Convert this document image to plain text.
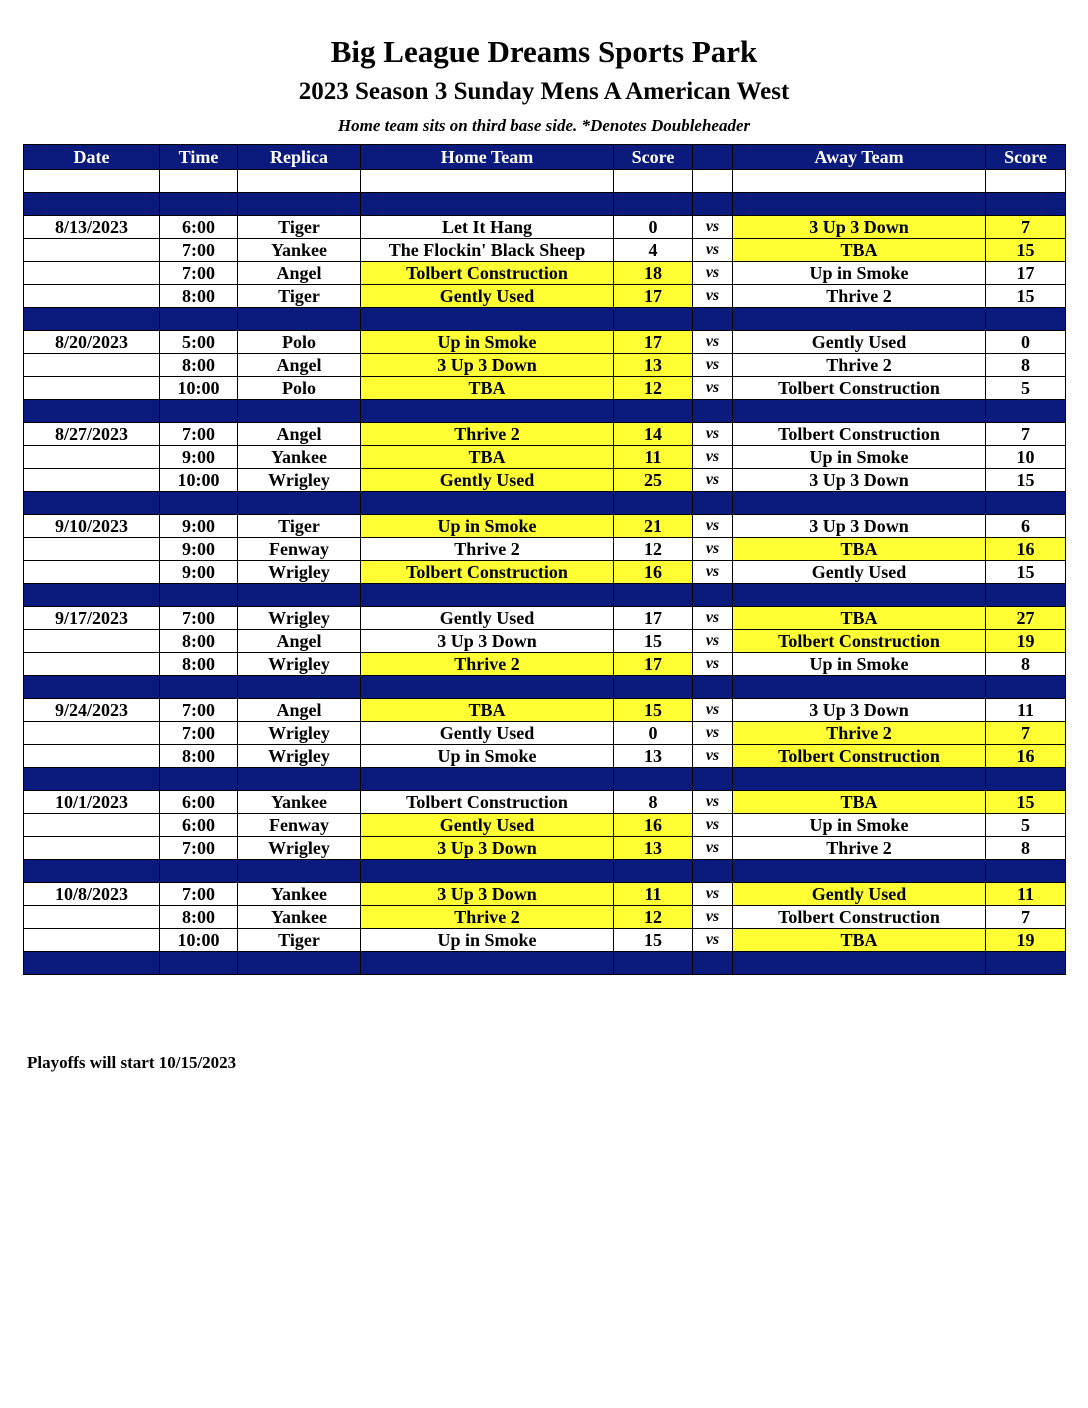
Big League Dreams Sports Park
2023 Season 3 Sunday Mens A American West
Home team sits on third base side. *Denotes Doubleheader
Date	Time	Replica	Home Team	Score		Away Team	Score

8/13/2023	6:00	Tiger	Let It Hang	0	vs	3 Up 3 Down	7
	7:00	Yankee	The Flockin' Black Sheep	4	vs	TBA	15
	7:00	Angel	Tolbert Construction	18	vs	Up in Smoke	17
	8:00	Tiger	Gently Used	17	vs	Thrive 2	15

8/20/2023	5:00	Polo	Up in Smoke	17	vs	Gently Used	0
	8:00	Angel	3 Up 3 Down	13	vs	Thrive 2	8
	10:00	Polo	TBA	12	vs	Tolbert Construction	5

8/27/2023	7:00	Angel	Thrive 2	14	vs	Tolbert Construction	7
	9:00	Yankee	TBA	11	vs	Up in Smoke	10
	10:00	Wrigley	Gently Used	25	vs	3 Up 3 Down	15

9/10/2023	9:00	Tiger	Up in Smoke	21	vs	3 Up 3 Down	6
	9:00	Fenway	Thrive 2	12	vs	TBA	16
	9:00	Wrigley	Tolbert Construction	16	vs	Gently Used	15

9/17/2023	7:00	Wrigley	Gently Used	17	vs	TBA	27
	8:00	Angel	3 Up 3 Down	15	vs	Tolbert Construction	19
	8:00	Wrigley	Thrive 2	17	vs	Up in Smoke	8

9/24/2023	7:00	Angel	TBA	15	vs	3 Up 3 Down	11
	7:00	Wrigley	Gently Used	0	vs	Thrive 2	7
	8:00	Wrigley	Up in Smoke	13	vs	Tolbert Construction	16

10/1/2023	6:00	Yankee	Tolbert Construction	8	vs	TBA	15
	6:00	Fenway	Gently Used	16	vs	Up in Smoke	5
	7:00	Wrigley	3 Up 3 Down	13	vs	Thrive 2	8

10/8/2023	7:00	Yankee	3 Up 3 Down	11	vs	Gently Used	11
	8:00	Yankee	Thrive 2	12	vs	Tolbert Construction	7
	10:00	Tiger	Up in Smoke	15	vs	TBA	19

Playoffs will start 10/15/2023
